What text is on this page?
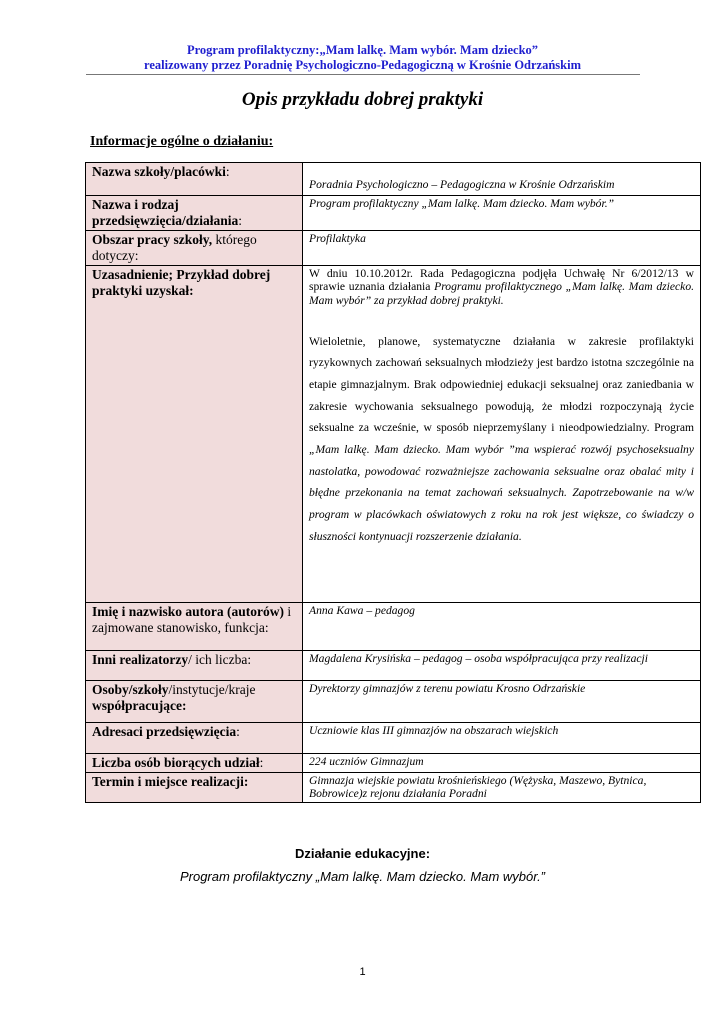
Program profilaktyczny:„Mam lalkę. Mam wybór. Mam dziecko”
realizowany przez Poradnię Psychologiczno-Pedagogiczną w Krośnie Odrzańskim
Opis przykładu dobrej praktyki
Informacje ogólne o działaniu:
Nazwa szkoły/placówki:	Poradnia Psychologiczno – Pedagogiczna w Krośnie Odrzańskim

Nazwa i rodzaj przedsięwzięcia/działania:	Program profilaktyczny „Mam lalkę. Mam dziecko. Mam wybór.”

Obszar pracy szkoły, którego dotyczy:	Profilaktyka

Uzasadnienie; Przykład dobrej praktyki uzyskał:	W dniu 10.10.2012r. Rada Pedagogiczna podjęła Uchwałę Nr 6/2012/13 w sprawie uznania działania Programu profilaktycznego „Mam lalkę. Mam dziecko. Mam wybór” za przykład dobrej praktyki.
Wieloletnie, planowe, systematyczne działania w zakresie profilaktyki ryzykownych zachowań seksualnych młodzieży jest bardzo istotna szczególnie na etapie gimnazjalnym. Brak odpowiedniej edukacji seksualnej oraz zaniedbania w zakresie wychowania seksualnego powodują, że młodzi rozpoczynają życie seksualne za wcześnie, w sposób nieprzemyślany i nieodpowiedzialny. Program „Mam lalkę. Mam dziecko. Mam wybór ”ma wspierać rozwój psychoseksualny nastolatka, powodować rozważniejsze zachowania seksualne oraz obalać mity i błędne przekonania na temat zachowań seksualnych. Zapotrzebowanie na w/w program w placówkach oświatowych z roku na rok jest większe, co świadczy o słuszności kontynuacji rozszerzenie działania.

Imię i nazwisko autora (autorów) i zajmowane stanowisko, funkcja:	Anna Kawa – pedagog

Inni realizatorzy/ ich liczba:	Magdalena Krysińska – pedagog – osoba współpracująca przy realizacji

Osoby/szkoły/instytucje/kraje współpracujące:	Dyrektorzy gimnazjów z terenu powiatu Krosno Odrzańskie

Adresaci przedsięwzięcia:	Uczniowie klas III gimnazjów na obszarach wiejskich

Liczba osób biorących udział:	224 uczniów Gimnazjum

Termin i miejsce realizacji:	Gimnazja wiejskie powiatu krośnieńskiego (Wężyska, Maszewo, Bytnica, Bobrowice)z rejonu działania Poradni
Działanie edukacyjne:
Program profilaktyczny „Mam lalkę. Mam dziecko. Mam wybór.”
1
